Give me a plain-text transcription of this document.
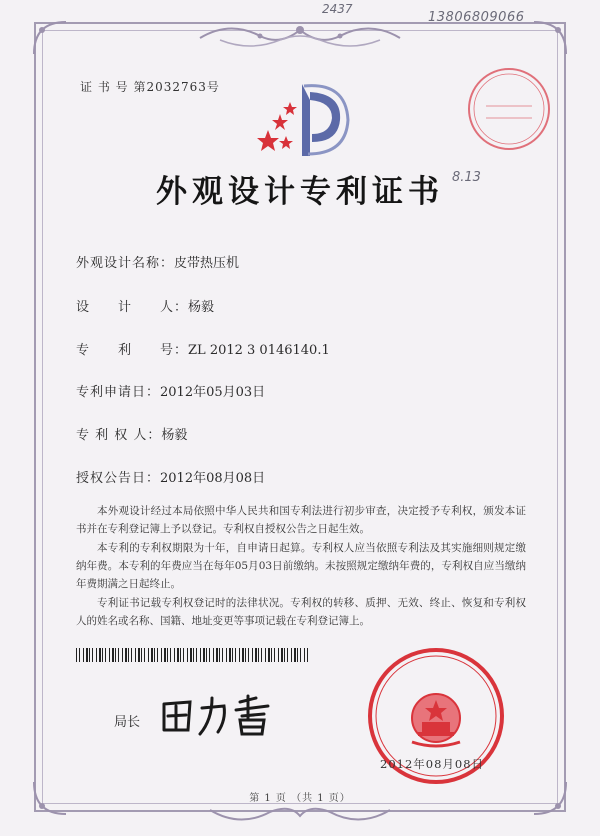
2437
13806809066
8.13
证 书 号 第2032763号
外观设计专利证书
外观设计名称：皮带热压机
设　　计　　人：杨毅
专　　利　　号：ZL 2012 3 0146140.1
专利申请日：2012年05月03日
专 利 权 人：杨毅
授权公告日：2012年08月08日

本外观设计经过本局依照中华人民共和国专利法进行初步审查，决定授予专利权，颁发本证书并在专利登记簿上予以登记。专利权自授权公告之日起生效。

本专利的专利权期限为十年，自申请日起算。专利权人应当依照专利法及其实施细则规定缴纳年费。本专利的年费应当在每年05月03日前缴纳。未按照规定缴纳年费的，专利权自应当缴纳年费期满之日起终止。

专利证书记载专利权登记时的法律状况。专利权的转移、质押、无效、终止、恢复和专利权人的姓名或名称、国籍、地址变更等事项记载在专利登记簿上。

局长
2012年08月08日
第 1 页 （共 1 页）
